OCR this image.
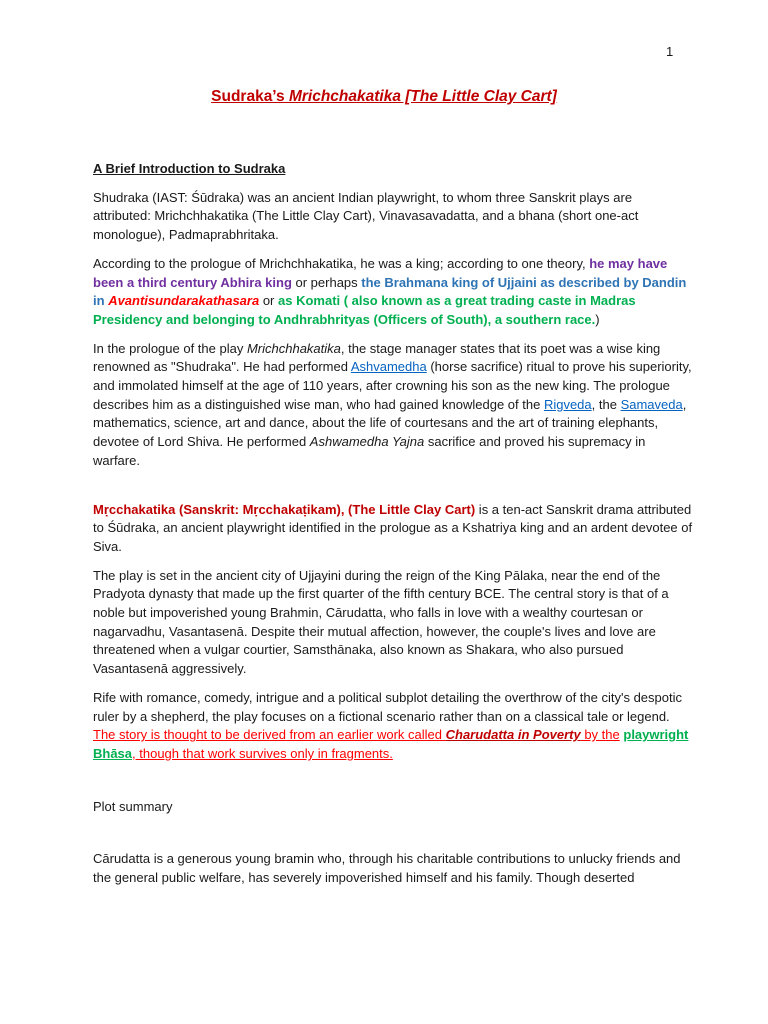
1
Sudraka’s Mrichchakatika [The Little Clay Cart]

A Brief Introduction to Sudraka

Shudraka (IAST: Śūdraka) was an ancient Indian playwright, to whom three Sanskrit plays are attributed: Mrichchhakatika (The Little Clay Cart), Vinavasavadatta, and a bhana (short one-act monologue), Padmaprabhritaka.

According to the prologue of Mrichchhakatika, he was a king; according to one theory, he may have been a third century Abhira king or perhaps the Brahmana king of Ujjaini as described by Dandin in Avantisundarakathasara or as Komati ( also known as a great trading caste in Madras Presidency and belonging to Andhrabhrityas (Officers of South), a southern race.)

In the prologue of the play Mrichchhakatika, the stage manager states that its poet was a wise king renowned as "Shudraka". He had performed Ashvamedha (horse sacrifice) ritual to prove his superiority, and immolated himself at the age of 110 years, after crowning his son as the new king. The prologue describes him as a distinguished wise man, who had gained knowledge of the Rigveda, the Samaveda, mathematics, science, art and dance, about the life of courtesans and the art of training elephants, devotee of Lord Shiva. He performed Ashwamedha Yajna sacrifice and proved his supremacy in warfare.

Mṛcchakatika (Sanskrit: Mṛcchakaṭikam), (The Little Clay Cart) is a ten-act Sanskrit drama attributed to Śūdraka, an ancient playwright identified in the prologue as a Kshatriya king and an ardent devotee of Siva.

The play is set in the ancient city of Ujjayini during the reign of the King Pālaka, near the end of the Pradyota dynasty that made up the first quarter of the fifth century BCE. The central story is that of a noble but impoverished young Brahmin, Cārudatta, who falls in love with a wealthy courtesan or nagarvadhu, Vasantasenā. Despite their mutual affection, however, the couple's lives and love are threatened when a vulgar courtier, Samsthānaka, also known as Shakara, who also pursued Vasantasenā aggressively.

Rife with romance, comedy, intrigue and a political subplot detailing the overthrow of the city's despotic ruler by a shepherd, the play focuses on a fictional scenario rather than on a classical tale or legend. The story is thought to be derived from an earlier work called Charudatta in Poverty by the playwright Bhāsa, though that work survives only in fragments.

Plot summary

Cārudatta is a generous young bramin who, through his charitable contributions to unlucky friends and the general public welfare, has severely impoverished himself and his family. Though deserted
